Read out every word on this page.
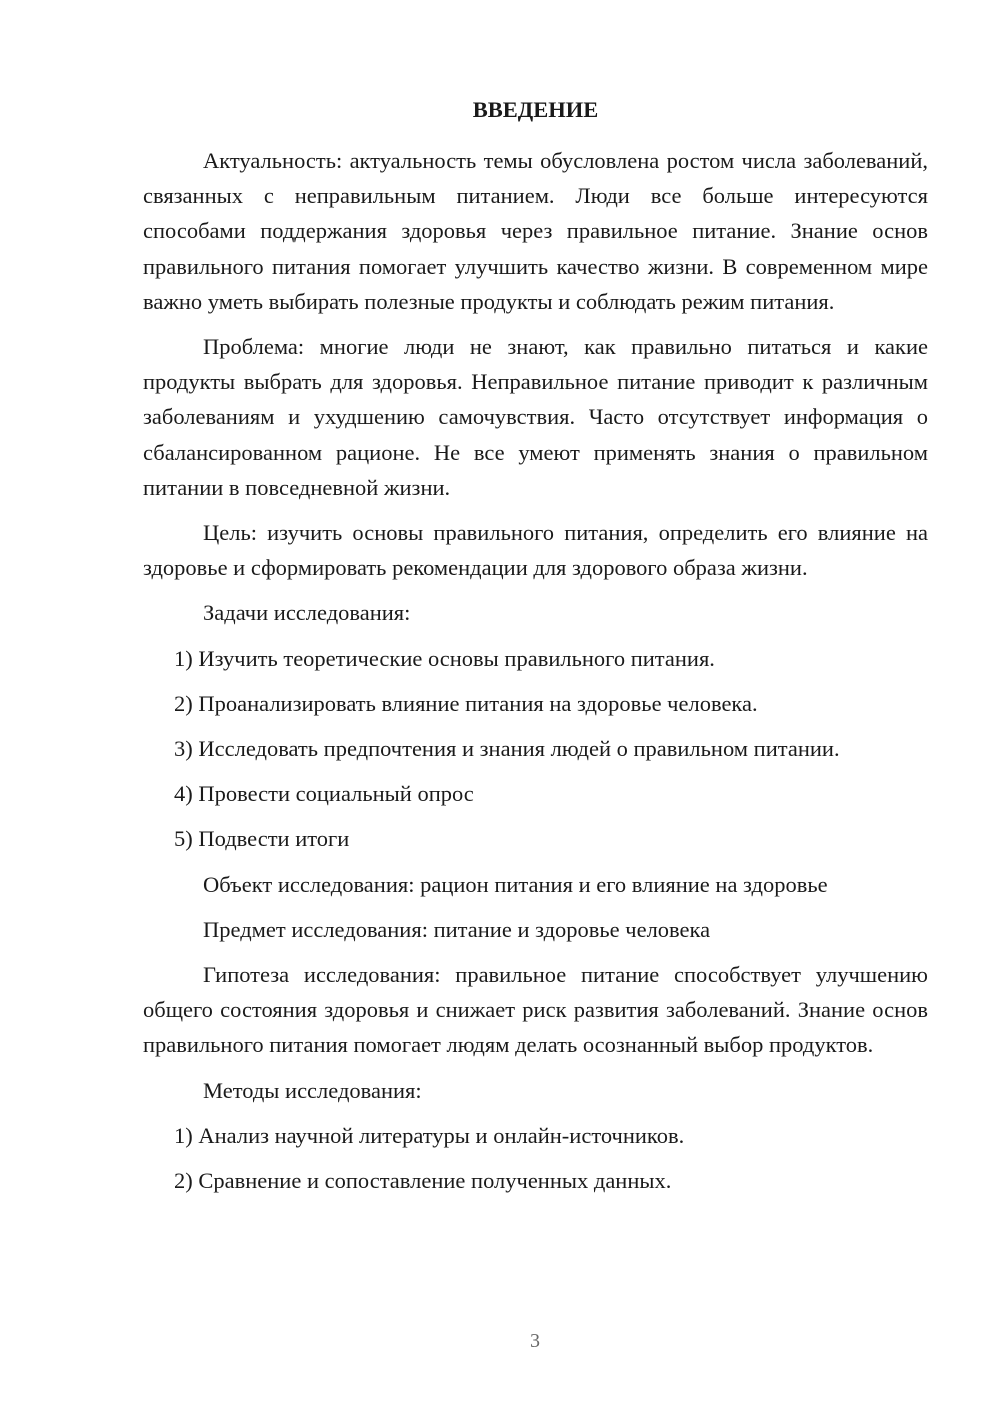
ВВЕДЕНИЕ

Актуальность: актуальность темы обусловлена ростом числа заболеваний, связанных с неправильным питанием. Люди все больше интересуются способами поддержания здоровья через правильное питание. Знание основ правильного питания помогает улучшить качество жизни. В современном мире важно уметь выбирать полезные продукты и соблюдать режим питания.

Проблема: многие люди не знают, как правильно питаться и какие продукты выбрать для здоровья. Неправильное питание приводит к различным заболеваниям и ухудшению самочувствия. Часто отсутствует информация о сбалансированном рационе. Не все умеют применять знания о правильном питании в повседневной жизни.

Цель: изучить основы правильного питания, определить его влияние на здоровье и сформировать рекомендации для здорового образа жизни.

Задачи исследования:
1) Изучить теоретические основы правильного питания.
2) Проанализировать влияние питания на здоровье человека.
3) Исследовать предпочтения и знания людей о правильном питании.
4) Провести социальный опрос
5) Подвести итоги
Объект исследования: рацион питания и его влияние на здоровье
Предмет исследования: питание и здоровье человека

Гипотеза исследования: правильное питание способствует улучшению общего состояния здоровья и снижает риск развития заболеваний. Знание основ правильного питания помогает людям делать осознанный выбор продуктов.

Методы исследования:
1) Анализ научной литературы и онлайн-источников.
2) Сравнение и сопоставление полученных данных.
3
